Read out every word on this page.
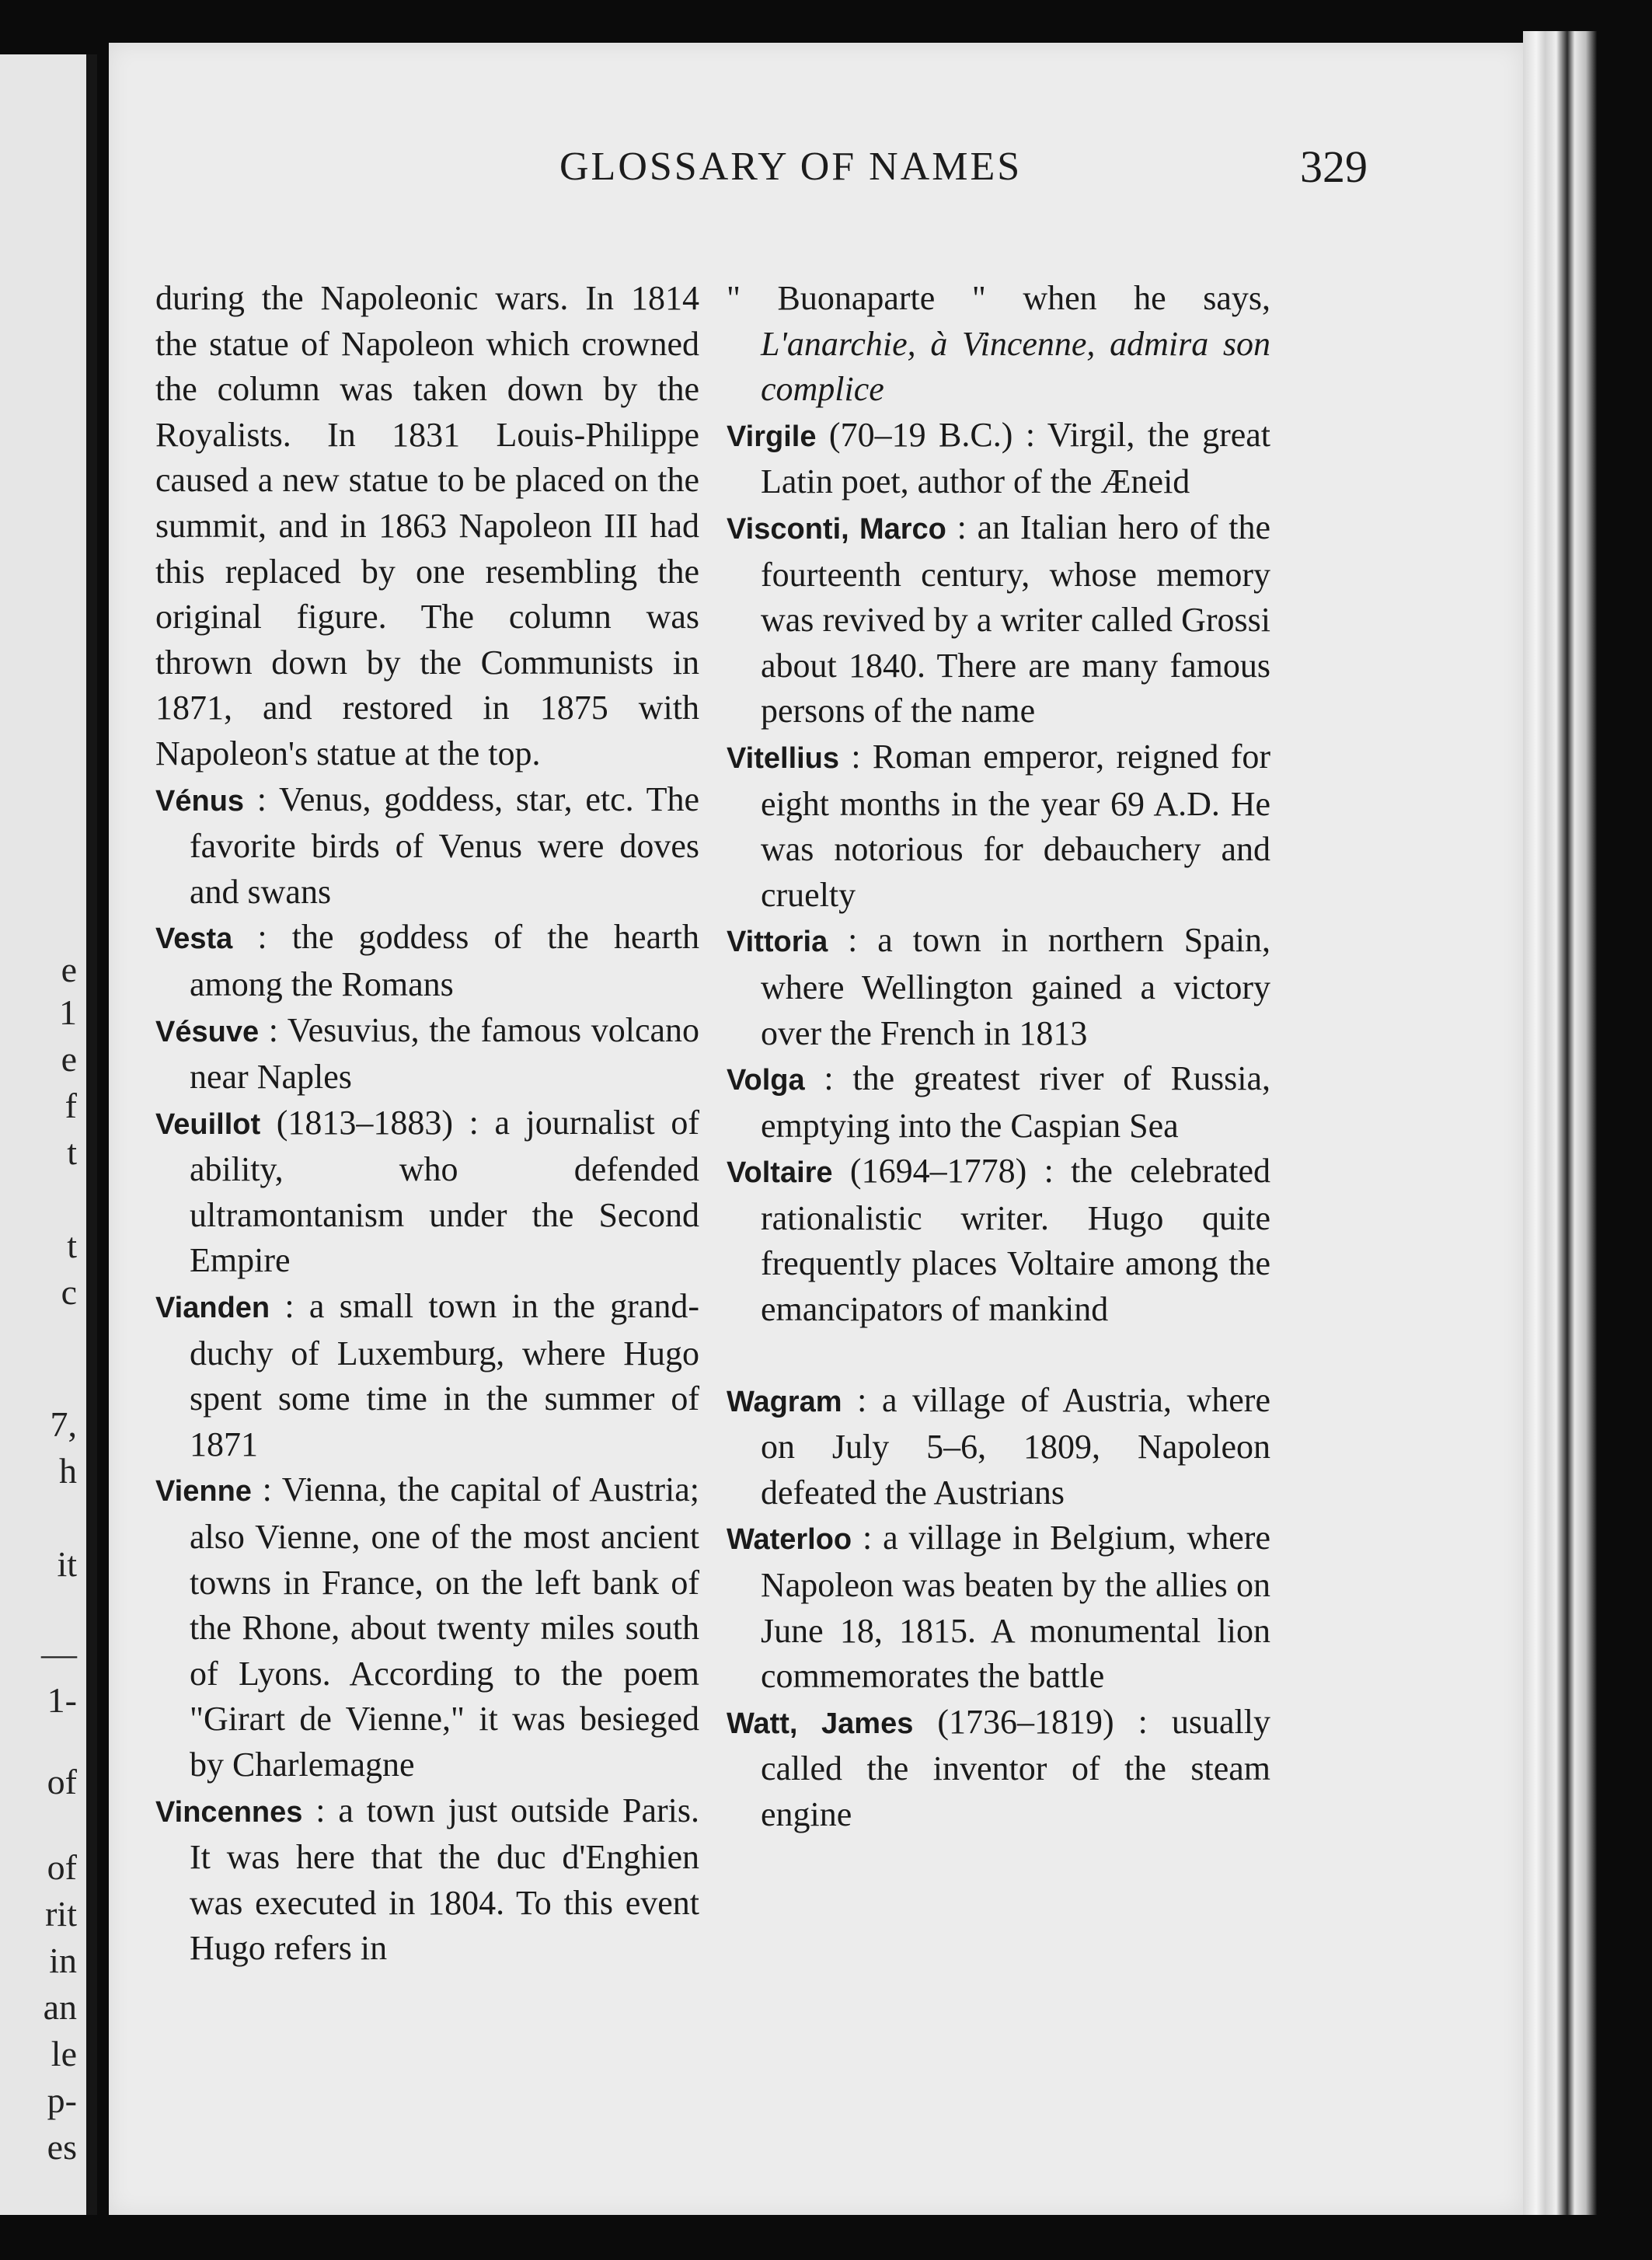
e
1
e
f
t
t
c
7,
h
it
—
1-
of
of
rit
in
an
le
p-
es
GLOSSARY OF NAMES	329
during the Napoleonic wars. In 1814 the statue of Napoleon which crowned the column was taken down by the Royalists. In 1831 Louis-Philippe caused a new statue to be placed on the summit, and in 1863 Napoleon III had this replaced by one resembling the original figure. The column was thrown down by the Communists in 1871, and restored in 1875 with Napoleon's statue at the top.
Vénus : Venus, goddess, star, etc. The favorite birds of Venus were doves and swans
Vesta : the goddess of the hearth among the Romans
Vésuve : Vesuvius, the famous volcano near Naples
Veuillot (1813–1883) : a journalist of ability, who defended ultramontanism under the Second Empire
Vianden : a small town in the grand-duchy of Luxemburg, where Hugo spent some time in the summer of 1871
Vienne : Vienna, the capital of Austria; also Vienne, one of the most ancient towns in France, on the left bank of the Rhone, about twenty miles south of Lyons. According to the poem "Girart de Vienne," it was besieged by Charlemagne
Vincennes : a town just outside Paris. It was here that the duc d'Enghien was executed in 1804. To this event Hugo refers in
" Buonaparte " when he says, L'anarchie, à Vincenne, admira son complice
Virgile (70–19 B.C.) : Virgil, the great Latin poet, author of the Æneid
Visconti, Marco : an Italian hero of the fourteenth century, whose memory was revived by a writer called Grossi about 1840. There are many famous persons of the name
Vitellius : Roman emperor, reigned for eight months in the year 69 A.D. He was notorious for debauchery and cruelty
Vittoria : a town in northern Spain, where Wellington gained a victory over the French in 1813
Volga : the greatest river of Russia, emptying into the Caspian Sea
Voltaire (1694–1778) : the celebrated rationalistic writer. Hugo quite frequently places Voltaire among the emancipators of mankind
Wagram : a village of Austria, where on July 5–6, 1809, Napoleon defeated the Austrians
Waterloo : a village in Belgium, where Napoleon was beaten by the allies on June 18, 1815. A monumental lion commemorates the battle
Watt, James (1736–1819) : usually called the inventor of the steam engine
